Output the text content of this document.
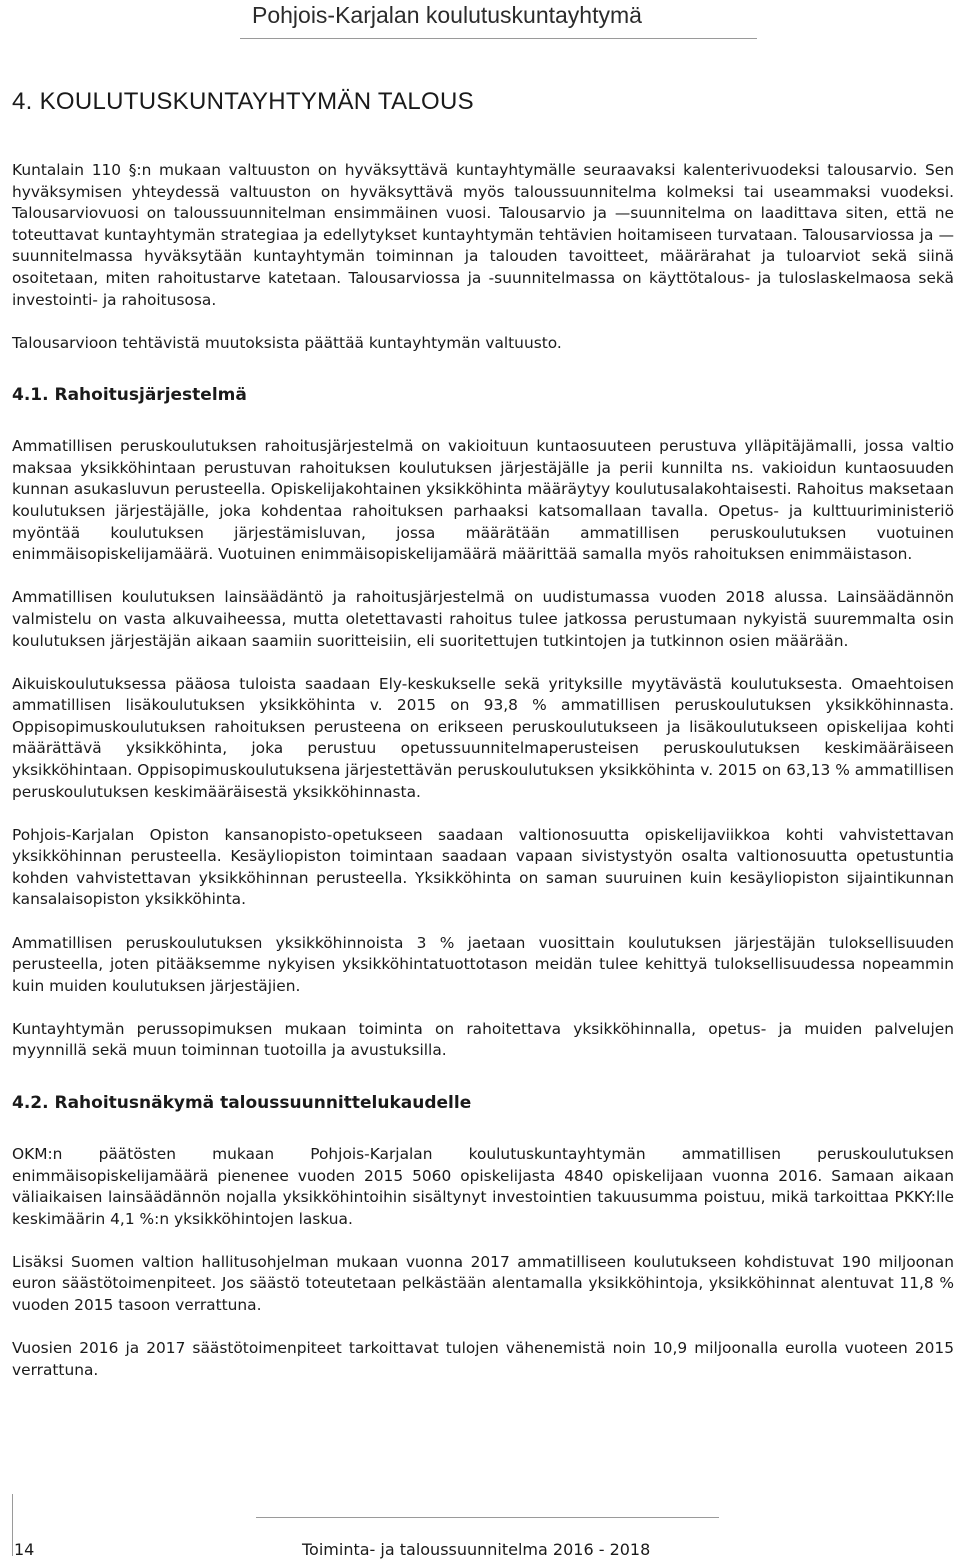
Pohjois-Karjalan koulutuskuntayhtymä
4. KOULUTUSKUNTAYHTYMÄN TALOUS

Kuntalain 110 §:n mukaan valtuuston on hyväksyttävä kuntayhtymälle seuraavaksi kalenterivuodeksi talousarvio. Sen hyväksymisen yhteydessä valtuuston on hyväksyttävä myös taloussuunnitelma kolmeksi tai useammaksi vuodeksi. Talousarviovuosi on taloussuunnitelman ensimmäinen vuosi. Talousarvio ja —suunnitelma on laadittava siten, että ne toteuttavat kuntayhtymän strategiaa ja edellytykset kuntayhtymän tehtävien hoitamiseen turvataan. Talousarviossa ja —suunnitelmassa hyväksytään kuntayhtymän toiminnan ja talouden tavoitteet, määrärahat ja tuloarviot sekä siinä osoitetaan, miten rahoitustarve katetaan. Talousarviossa ja -suunnitelmassa on käyttötalous- ja tuloslaskelmaosa sekä investointi- ja rahoitusosa.

Talousarvioon tehtävistä muutoksista päättää kuntayhtymän valtuusto.

4.1. Rahoitusjärjestelmä

Ammatillisen peruskoulutuksen rahoitusjärjestelmä on vakioituun kuntaosuuteen perustuva ylläpitäjämalli, jossa valtio maksaa yksikköhintaan perustuvan rahoituksen koulutuksen järjestäjälle ja perii kunnilta ns. vakioidun kuntaosuuden kunnan asukasluvun perusteella. Opiskelijakohtainen yksikköhinta määräytyy koulutusalakohtaisesti. Rahoitus maksetaan koulutuksen järjestäjälle, joka kohdentaa rahoituksen parhaaksi katsomallaan tavalla. Opetus- ja kulttuuriministeriö myöntää koulutuksen järjestämisluvan, jossa määrätään ammatillisen peruskoulutuksen vuotuinen enimmäisopiskelijamäärä. Vuotuinen enimmäisopiskelijamäärä määrittää samalla myös rahoituksen enimmäistason.

Ammatillisen koulutuksen lainsäädäntö ja rahoitusjärjestelmä on uudistumassa vuoden 2018 alussa. Lainsäädännön valmistelu on vasta alkuvaiheessa, mutta oletettavasti rahoitus tulee jatkossa perustumaan nykyistä suuremmalta osin koulutuksen järjestäjän aikaan saamiin suoritteisiin, eli suoritettujen tutkintojen ja tutkinnon osien määrään.

Aikuiskoulutuksessa pääosa tuloista saadaan Ely-keskukselle sekä yrityksille myytävästä koulutuksesta. Omaehtoisen ammatillisen lisäkoulutuksen yksikköhinta v. 2015 on 93,8 % ammatillisen peruskoulutuksen yksikköhinnasta. Oppisopimuskoulutuksen rahoituksen perusteena on erikseen peruskoulutukseen ja lisäkoulutukseen opiskelijaa kohti määrättävä yksikköhinta, joka perustuu opetussuunnitelmaperusteisen peruskoulutuksen keskimääräiseen yksikköhintaan. Oppisopimuskoulutuksena järjestettävän peruskoulutuksen yksikköhinta v. 2015 on 63,13 % ammatillisen peruskoulutuksen keskimääräisestä yksikköhinnasta.

Pohjois-Karjalan Opiston kansanopisto-opetukseen saadaan valtionosuutta opiskelijaviikkoa kohti vahvistettavan yksikköhinnan perusteella. Kesäyliopiston toimintaan saadaan vapaan sivistystyön osalta valtionosuutta opetustuntia kohden vahvistettavan yksikköhinnan perusteella. Yksikköhinta on saman suuruinen kuin kesäyliopiston sijaintikunnan kansalaisopiston yksikköhinta.

Ammatillisen peruskoulutuksen yksikköhinnoista 3 % jaetaan vuosittain koulutuksen järjestäjän tuloksellisuuden perusteella, joten pitääksemme nykyisen yksikköhintatuottotason meidän tulee kehittyä tuloksellisuudessa nopeammin kuin muiden koulutuksen järjestäjien.

Kuntayhtymän perussopimuksen mukaan toiminta on rahoitettava yksikköhinnalla, opetus- ja muiden palvelujen myynnillä sekä muun toiminnan tuotoilla ja avustuksilla.

4.2. Rahoitusnäkymä taloussuunnittelukaudelle

OKM:n päätösten mukaan Pohjois-Karjalan koulutuskuntayhtymän ammatillisen peruskoulutuksen enimmäisopiskelijamäärä pienenee vuoden 2015 5060 opiskelijasta 4840 opiskelijaan vuonna 2016. Samaan aikaan väliaikaisen lainsäädännön nojalla yksikköhintoihin sisältynyt investointien takuusumma poistuu, mikä tarkoittaa PKKY:lle keskimäärin 4,1 %:n yksikköhintojen laskua.

Lisäksi Suomen valtion hallitusohjelman mukaan vuonna 2017 ammatilliseen koulutukseen kohdistuvat 190 miljoonan euron säästötoimenpiteet. Jos säästö toteutetaan pelkästään alentamalla yksikköhintoja, yksikköhinnat alentuvat 11,8 % vuoden 2015 tasoon verrattuna.

Vuosien 2016 ja 2017 säästötoimenpiteet tarkoittavat tulojen vähenemistä noin 10,9 miljoonalla eurolla vuoteen 2015 verrattuna.

14	Toiminta- ja taloussuunnitelma 2016 - 2018
